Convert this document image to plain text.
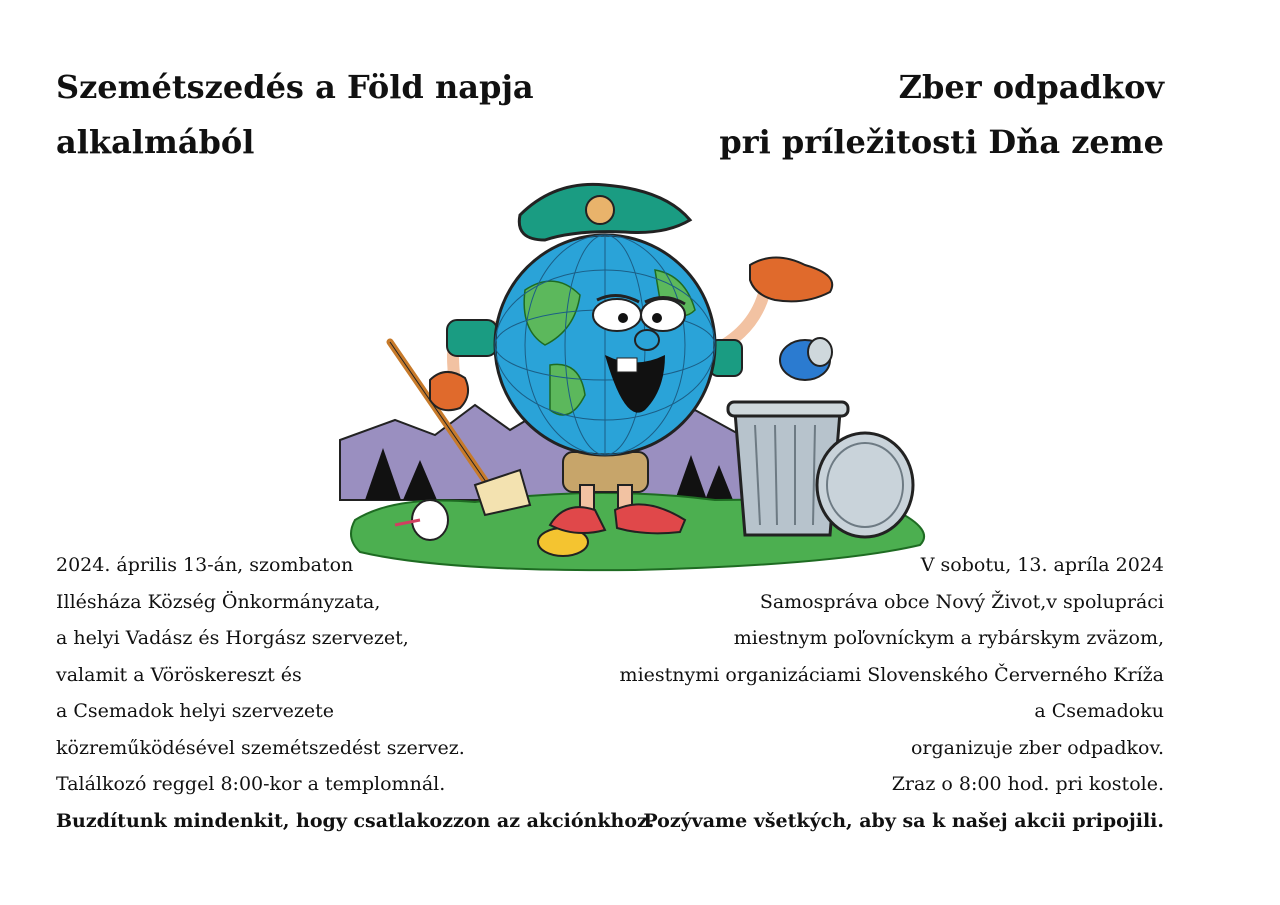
Szemétszedés a Föld napja
alkalmából
Zber odpadkov
pri príležitosti Dňa zeme
2024. április 13-án, szombaton
Illésháza Község Önkormányzata,
a helyi Vadász és Horgász szervezet,
valamit a Vöröskereszt és
a Csemadok helyi szervezete
közreműködésével szemétszedést szervez.
Találkozó reggel 8:00-kor a templomnál.
Buzdítunk mindenkit, hogy csatlakozzon az akciónkhoz.
V sobotu, 13. apríla 2024
Samospráva obce Nový Život,v spolupráci
miestnym poľovníckym a rybárskym zväzom,
miestnymi organizáciami Slovenského Červerného Kríža
a Csemadoku
organizuje zber odpadkov.
Zraz o 8:00 hod. pri kostole.
Pozývame všetkých, aby sa k našej akcii pripojili.
